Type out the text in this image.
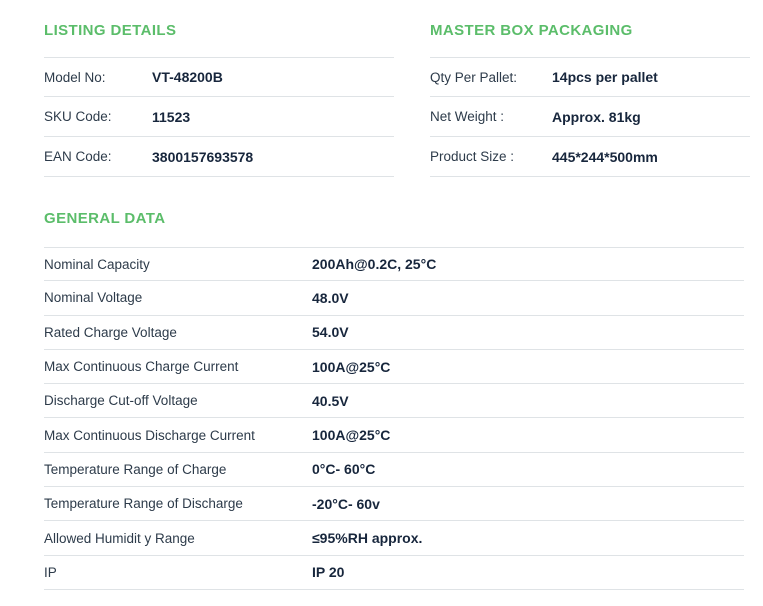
LISTING DETAILS
Model No:	VT-48200B
SKU Code:	11523
EAN Code:	3800157693578
MASTER BOX PACKAGING
Qty Per Pallet:	14pcs per pallet
Net Weight :	Approx. 81kg
Product Size :	445*244*500mm
GENERAL DATA
Nominal Capacity	200Ah@0.2C, 25°C
Nominal Voltage	48.0V
Rated Charge Voltage	54.0V
Max Continuous Charge Current	100A@25°C
Discharge Cut-off Voltage	40.5V
Max Continuous Discharge Current	100A@25°C
Temperature Range of Charge	0°C- 60°C
Temperature Range of Discharge	-20°C- 60v
Allowed Humidit y Range	≤95%RH approx.
IP	IP 20
